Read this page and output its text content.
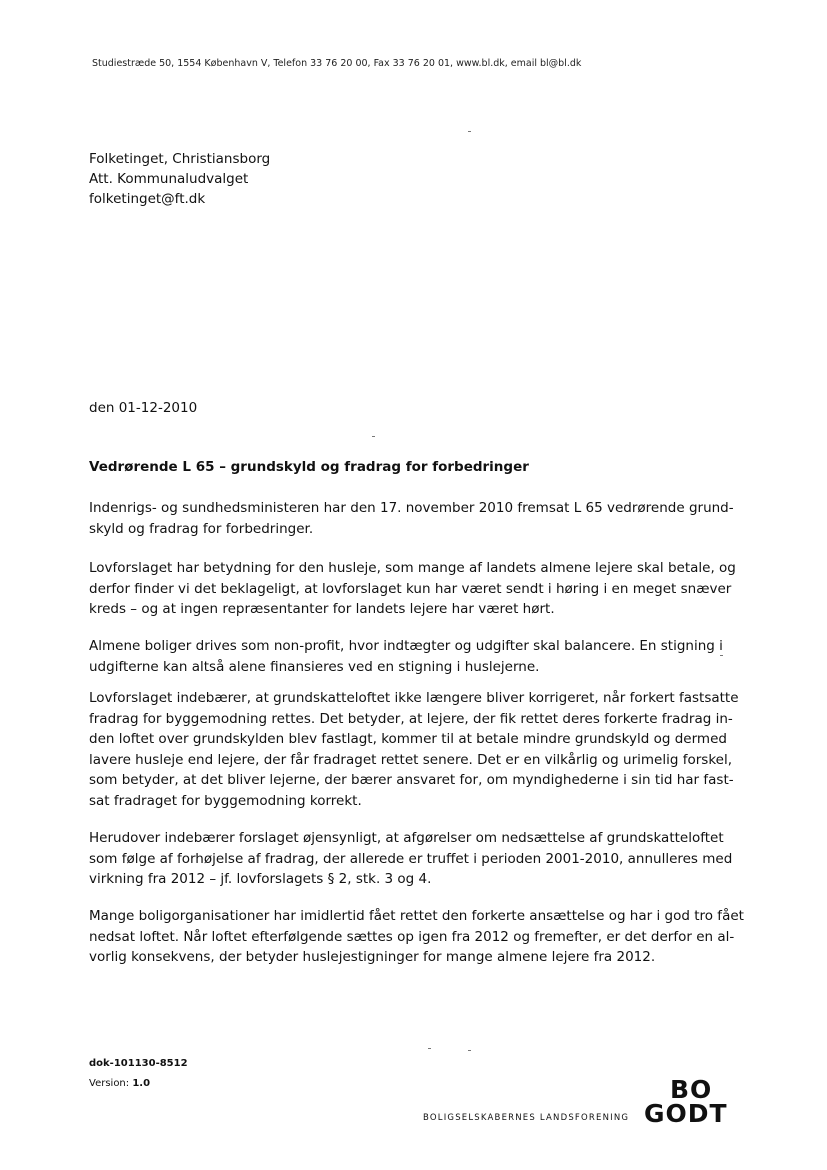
Studiestræde 50, 1554 København V, Telefon 33 76 20 00, Fax 33 76 20 01, www.bl.dk, email bl@bl.dk
Folketinget, Christiansborg
Att. Kommunaludvalget
folketinget@ft.dk
den 01-12-2010
Vedrørende L 65 – grundskyld og fradrag for forbedringer
Indenrigs- og sundhedsministeren har den 17. november 2010 fremsat L 65 vedrørende grund-
skyld og fradrag for forbedringer.
Lovforslaget har betydning for den husleje, som mange af landets almene lejere skal betale, og
derfor finder vi det beklageligt, at lovforslaget kun har været sendt i høring i en meget snæver
kreds – og at ingen repræsentanter for landets lejere har været hørt.
Almene boliger drives som non-profit, hvor indtægter og udgifter skal balancere. En stigning i
udgifterne kan altså alene finansieres ved en stigning i huslejerne.
Lovforslaget indebærer, at grundskatteloftet ikke længere bliver korrigeret, når forkert fastsatte
fradrag for byggemodning rettes. Det betyder, at lejere, der fik rettet deres forkerte fradrag in-
den loftet over grundskylden blev fastlagt, kommer til at betale mindre grundskyld og dermed
lavere husleje end lejere, der får fradraget rettet senere. Det er en vilkårlig og urimelig forskel,
som betyder, at det bliver lejerne, der bærer ansvaret for, om myndighederne i sin tid har fast-
sat fradraget for byggemodning korrekt.
Herudover indebærer forslaget øjensynligt, at afgørelser om nedsættelse af grundskatteloftet
som følge af forhøjelse af fradrag, der allerede er truffet i perioden 2001-2010, annulleres med
virkning fra 2012 – jf. lovforslagets § 2, stk. 3 og 4.
Mange boligorganisationer har imidlertid fået rettet den forkerte ansættelse og har i god tro fået
nedsat loftet. Når loftet efterfølgende sættes op igen fra 2012 og fremefter, er det derfor en al-
vorlig konsekvens, der betyder huslejestigninger for mange almene lejere fra 2012.
dok-101130-8512
Version: 1.0
BOLIGSELSKABERNES LANDSFORENING
BO
GODT
